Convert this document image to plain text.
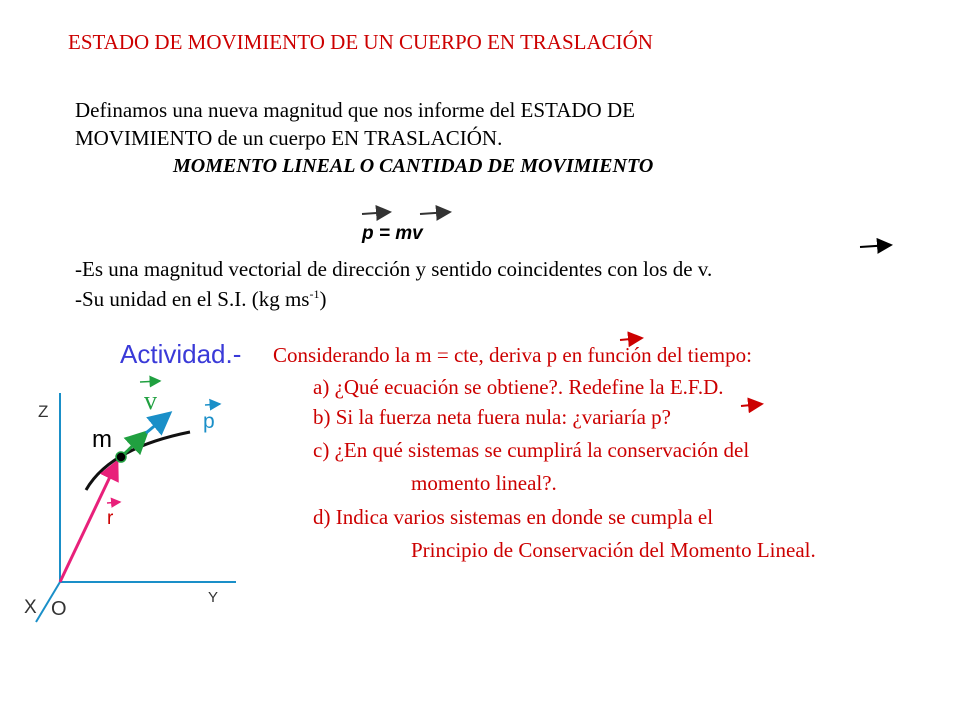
ESTADO DE MOVIMIENTO DE UN CUERPO EN TRASLACIÓN
Definamos una nueva magnitud que nos informe del ESTADO DE
MOVIMIENTO de un cuerpo EN TRASLACIÓN.
MOMENTO LINEAL O CANTIDAD DE MOVIMIENTO
p = mv
-Es una magnitud vectorial de dirección y sentido coincidentes con los de v.
-Su unidad en el S.I. (kg $ms^{-1}$)
Actividad.- Considerando la m = cte, deriva p en función del tiempo:
a) ¿Qué ecuación se obtiene?. Redefine la E.F.D.
b) Si la fuerza neta fuera nula: ¿variaría p?
c) ¿En qué sistemas se cumplirá la conservación del
momento lineal?.
d) Indica varios sistemas en donde se cumpla el
Principio de Conservación del Momento Lineal.
Z
X	Y
O
m
v
p
r
